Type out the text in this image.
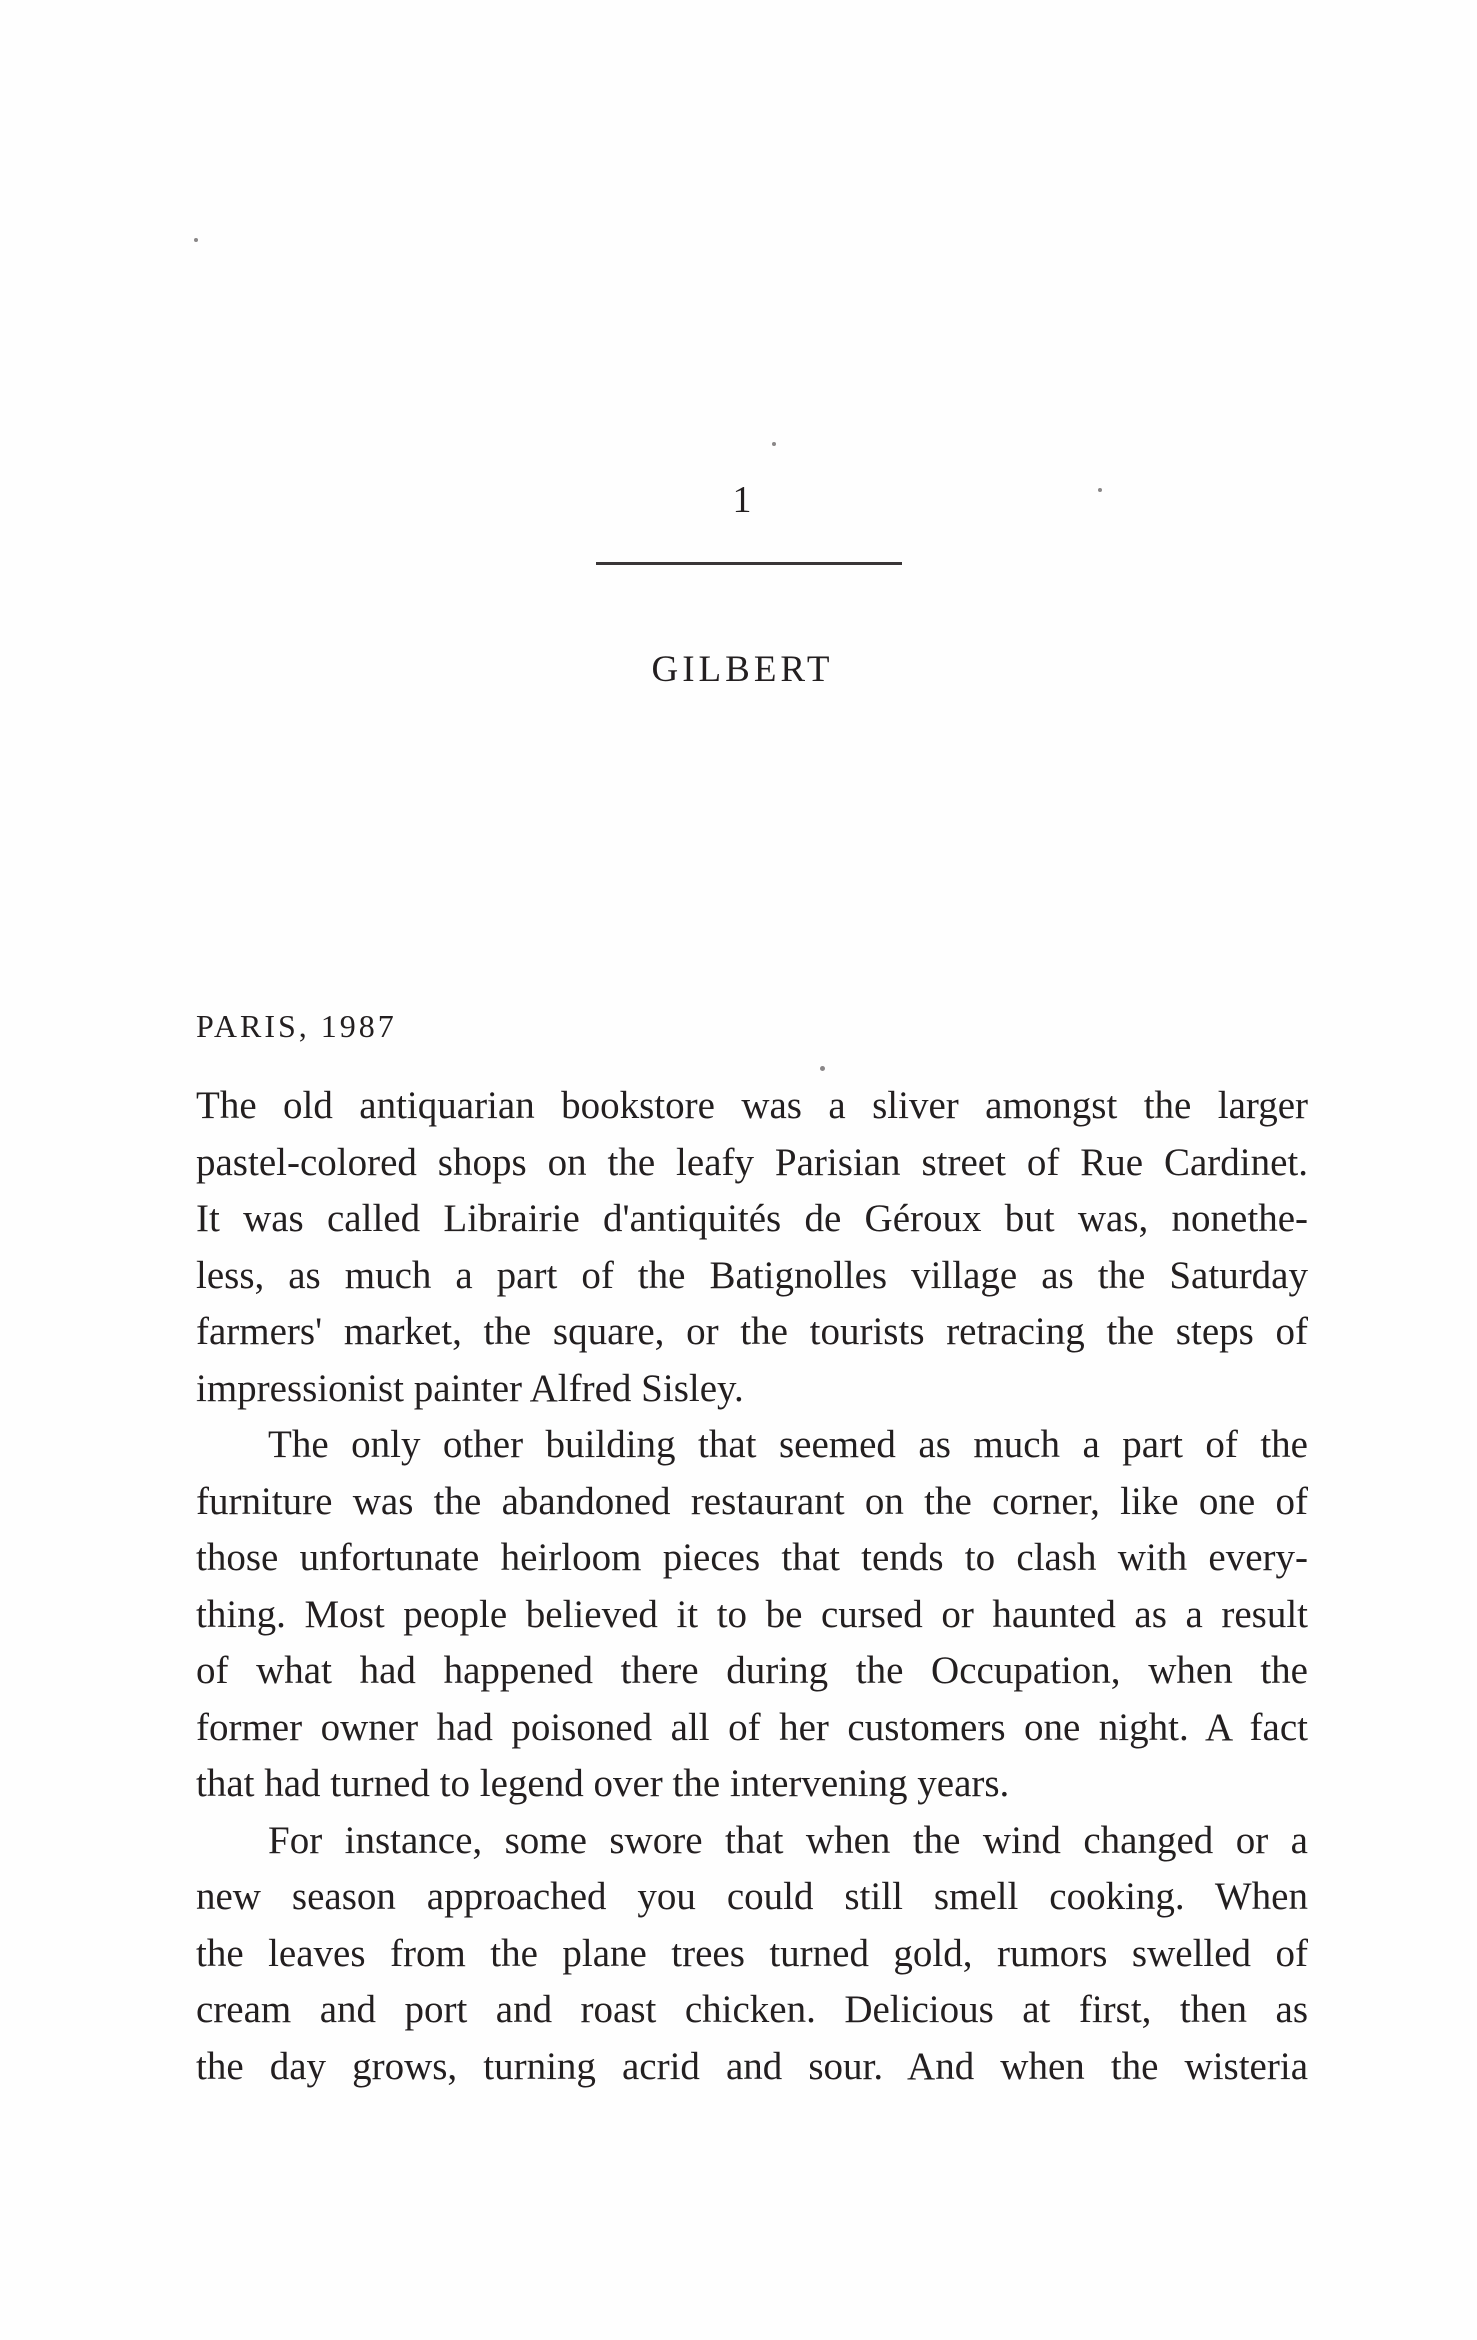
1
GILBERT
PARIS, 1987
The old antiquarian bookstore was a sliver amongst the larger
pastel-colored shops on the leafy Parisian street of Rue Cardinet.
It was called Librairie d'antiquités de Géroux but was, nonethe-
less, as much a part of the Batignolles village as the Saturday
farmers' market, the square, or the tourists retracing the steps of
impressionist painter Alfred Sisley.
The only other building that seemed as much a part of the
furniture was the abandoned restaurant on the corner, like one of
those unfortunate heirloom pieces that tends to clash with every-
thing. Most people believed it to be cursed or haunted as a result
of what had happened there during the Occupation, when the
former owner had poisoned all of her customers one night. A fact
that had turned to legend over the intervening years.
For instance, some swore that when the wind changed or a
new season approached you could still smell cooking. When
the leaves from the plane trees turned gold, rumors swelled of
cream and port and roast chicken. Delicious at first, then as
the day grows, turning acrid and sour. And when the wisteria
